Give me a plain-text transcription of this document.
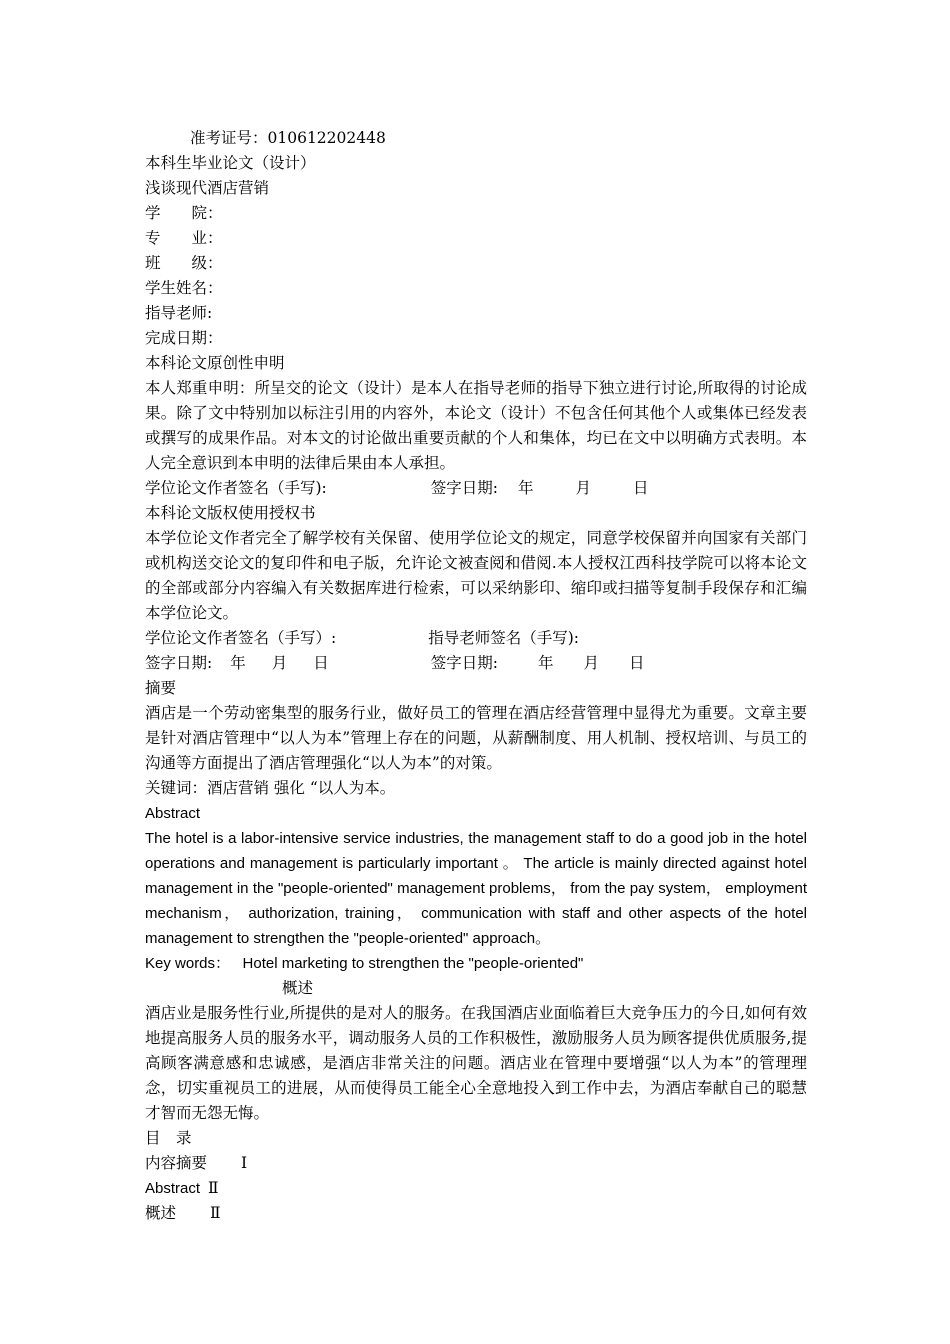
准考证号：010612202448
本科生毕业论文（设计）
浅谈现代酒店营销
学　　院：
专　　业：
班　　级：
学生姓名：
指导老师:
完成日期：
本科论文原创性申明
本人郑重申明：所呈交的论文（设计）是本人在指导老师的指导下独立进行讨论,所取得的讨论成果。除了文中特别加以标注引用的内容外，本论文（设计）不包含任何其他个人或集体已经发表或撰写的成果作品。对本文的讨论做出重要贡献的个人和集体，均已在文中以明确方式表明。本人完全意识到本申明的法律后果由本人承担。
学位论文作者签名（手写):	签字日期: 年	月	日
本科论文版权使用授权书
本学位论文作者完全了解学校有关保留、使用学位论文的规定，同意学校保留并向国家有关部门或机构送交论文的复印件和电子版，允许论文被查阅和借阅.本人授权江西科技学院可以将本论文的全部或部分内容编入有关数据库进行检索，可以采纳影印、缩印或扫描等复制手段保存和汇编本学位论文。
学位论文作者签名（手写）:	指导老师签名（手写):
签字日期: 年 月 日	签字日期:	年 月 日
摘要
酒店是一个劳动密集型的服务行业，做好员工的管理在酒店经营管理中显得尤为重要。文章主要是针对酒店管理中“以人为本”管理上存在的问题，从薪酬制度、用人机制、授权培训、与员工的沟通等方面提出了酒店管理强化“以人为本”的对策。
关键词：酒店营销 强化 “以人为本。
Abstract
The hotel is a labor-intensive service industries, the management staff to do a good job in the hotel operations and management is particularly important 。 The article is mainly directed against hotel management in the "people-oriented" management problems， from the pay system， employment mechanism， authorization, training， communication with staff and other aspects of the hotel management to strengthen the "people-oriented" approach。
Key words：   Hotel marketing to strengthen the "people-oriented"
概述
酒店业是服务性行业,所提供的是对人的服务。在我国酒店业面临着巨大竞争压力的今日,如何有效地提高服务人员的服务水平，调动服务人员的工作积极性，激励服务人员为顾客提供优质服务,提高顾客满意感和忠诚感，是酒店非常关注的问题。酒店业在管理中要增强“以人为本”的管理理念，切实重视员工的进展，从而使得员工能全心全意地投入到工作中去，为酒店奉献自己的聪慧才智而无怨无悔。
目　录
内容摘要 Ⅰ
Abstract Ⅱ
概述 Ⅱ
